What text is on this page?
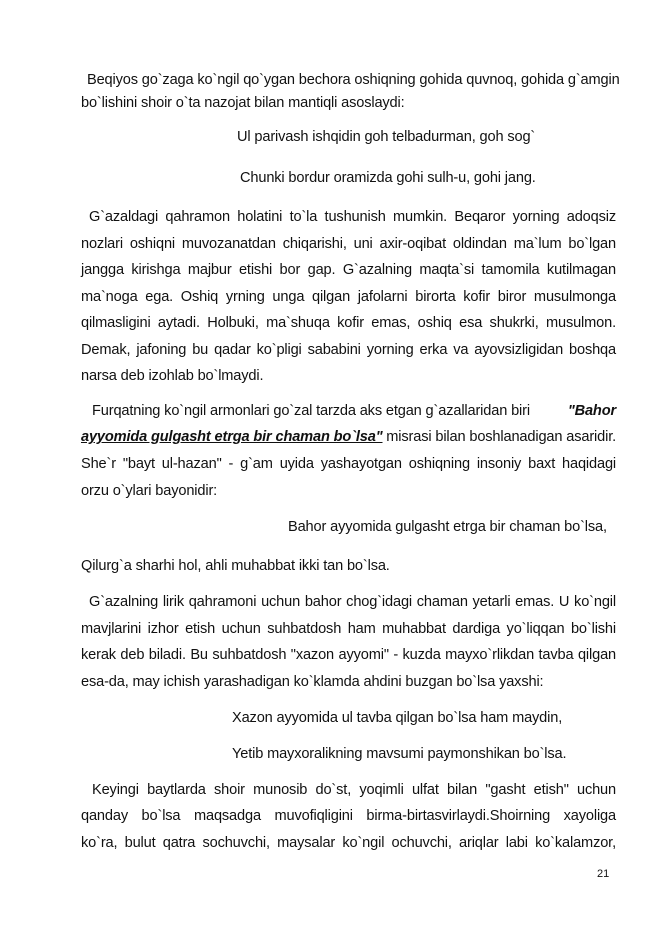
Beqiyos go`zaga ko`ngil qo`ygan bechora oshiqning gohida quvnoq, gohida g`amgin
bo`lishini shoir o`ta nazojat bilan mantiqli asoslaydi:
Ul parivash ishqidin goh telbadurman, goh sog`
Chunki bordur oramizda gohi sulh-u, gohi jang.
G`azaldagi qahramon holatini to`la tushunish mumkin. Beqaror yorning adoqsiz
nozlari oshiqni muvozanatdan chiqarishi, uni axir-oqibat oldindan ma`lum bo`lgan
jangga kirishga majbur etishi bor gap. G`azalning maqta`si tamomila kutilmagan
ma`noga ega. Oshiq yrning unga qilgan jafolarni birorta kofir biror musulmonga
qilmasligini aytadi. Holbuki, ma`shuqa kofir emas, oshiq esa shukrki, musulmon.
Demak, jafoning bu qadar ko`pligi sababini yorning erka va ayovsizligidan boshqa
narsa deb izohlab bo`lmaydi.
Furqatning ko`ngil armonlari go`zal tarzda aks etgan g`azallaridan biri	"Bahor
ayyomida gulgasht etrga bir chaman bo`lsa" misrasi bilan boshlanadigan asaridir.
She`r "bayt ul-hazan" - g`am uyida yashayotgan oshiqning insoniy baxt haqidagi
orzu o`ylari bayonidir:
Bahor ayyomida gulgasht etrga bir chaman bo`lsa,
Qilurg`a sharhi hol, ahli muhabbat ikki tan bo`lsa.
G`azalning lirik qahramoni uchun bahor chog`idagi chaman yetarli emas. U ko`ngil
mavjlarini izhor etish uchun suhbatdosh ham muhabbat dardiga yo`liqqan bo`lishi
kerak deb biladi. Bu suhbatdosh "xazon ayyomi" - kuzda mayxo`rlikdan tavba qilgan
esa-da, may ichish yarashadigan ko`klamda ahdini buzgan bo`lsa yaxshi:
Xazon ayyomida ul tavba qilgan bo`lsa ham maydin,
Yetib mayxoralikning mavsumi paymonshikan bo`lsa.
Keyingi baytlarda shoir munosib do`st, yoqimli ulfat bilan "gasht etish" uchun
qanday bo`lsa maqsadga muvofiqligini birma-birtasvirlaydi.Shoirning xayoliga
ko`ra, bulut qatra sochuvchi, maysalar ko`ngil ochuvchi, ariqlar labi ko`kalamzor,
21
